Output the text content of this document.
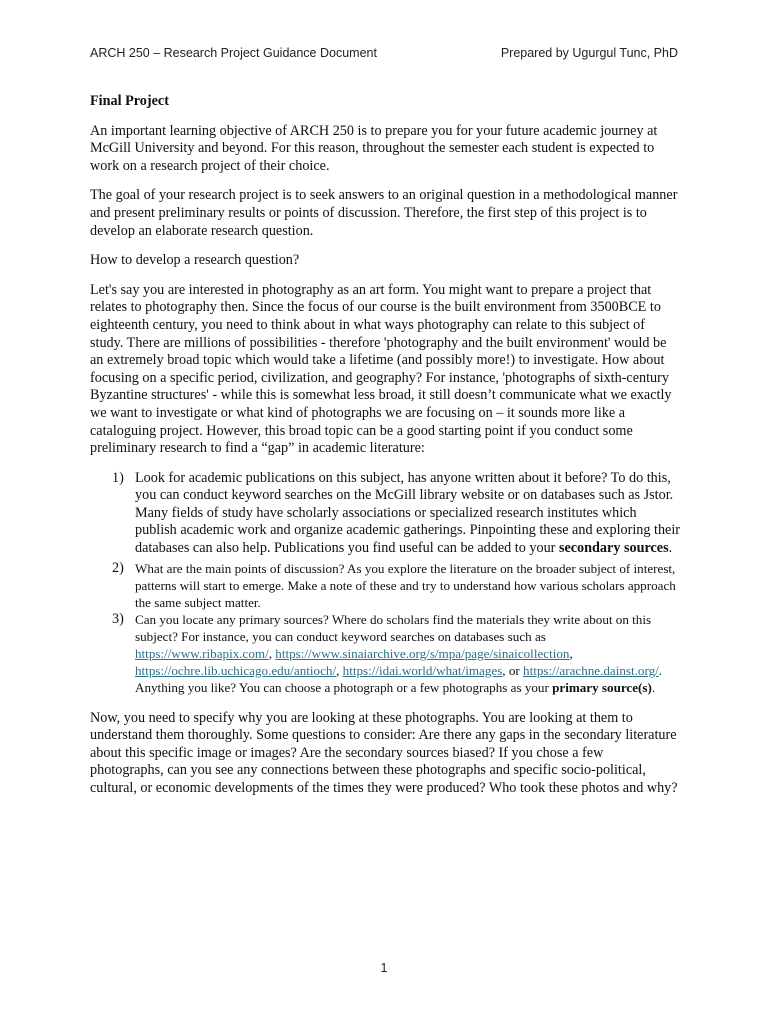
ARCH 250 – Research Project Guidance Document	Prepared by Ugurgul Tunc, PhD

Final Project

An important learning objective of ARCH 250 is to prepare you for your future academic journey at McGill University and beyond. For this reason, throughout the semester each student is expected to work on a research project of their choice.

The goal of your research project is to seek answers to an original question in a methodological manner and present preliminary results or points of discussion. Therefore, the first step of this project is to develop an elaborate research question.

How to develop a research question?

Let's say you are interested in photography as an art form. You might want to prepare a project that relates to photography then. Since the focus of our course is the built environment from 3500BCE to eighteenth century, you need to think about in what ways photography can relate to this subject of study. There are millions of possibilities - therefore 'photography and the built environment' would be an extremely broad topic which would take a lifetime (and possibly more!) to investigate. How about focusing on a specific period, civilization, and geography? For instance, 'photographs of sixth-century Byzantine structures' - while this is somewhat less broad, it still doesn’t communicate what we exactly we want to investigate or what kind of photographs we are focusing on – it sounds more like a cataloguing project. However, this broad topic can be a good starting point if you conduct some preliminary research to find a “gap” in academic literature:

1) Look for academic publications on this subject, has anyone written about it before? To do this, you can conduct keyword searches on the McGill library website or on databases such as Jstor. Many fields of study have scholarly associations or specialized research institutes which publish academic work and organize academic gatherings. Pinpointing these and exploring their databases can also help. Publications you find useful can be added to your secondary sources.
2) What are the main points of discussion? As you explore the literature on the broader subject of interest, patterns will start to emerge. Make a note of these and try to understand how various scholars approach the same subject matter.
3) Can you locate any primary sources? Where do scholars find the materials they write about on this subject? For instance, you can conduct keyword searches on databases such as https://www.ribapix.com/, https://www.sinaiarchive.org/s/mpa/page/sinaicollection, https://ochre.lib.uchicago.edu/antioch/, https://idai.world/what/images, or https://arachne.dainst.org/. Anything you like? You can choose a photograph or a few photographs as your primary source(s).

Now, you need to specify why you are looking at these photographs. You are looking at them to understand them thoroughly. Some questions to consider: Are there any gaps in the secondary literature about this specific image or images? Are the secondary sources biased? If you chose a few photographs, can you see any connections between these photographs and specific socio-political, cultural, or economic developments of the times they were produced? Who took these photos and why?

1
